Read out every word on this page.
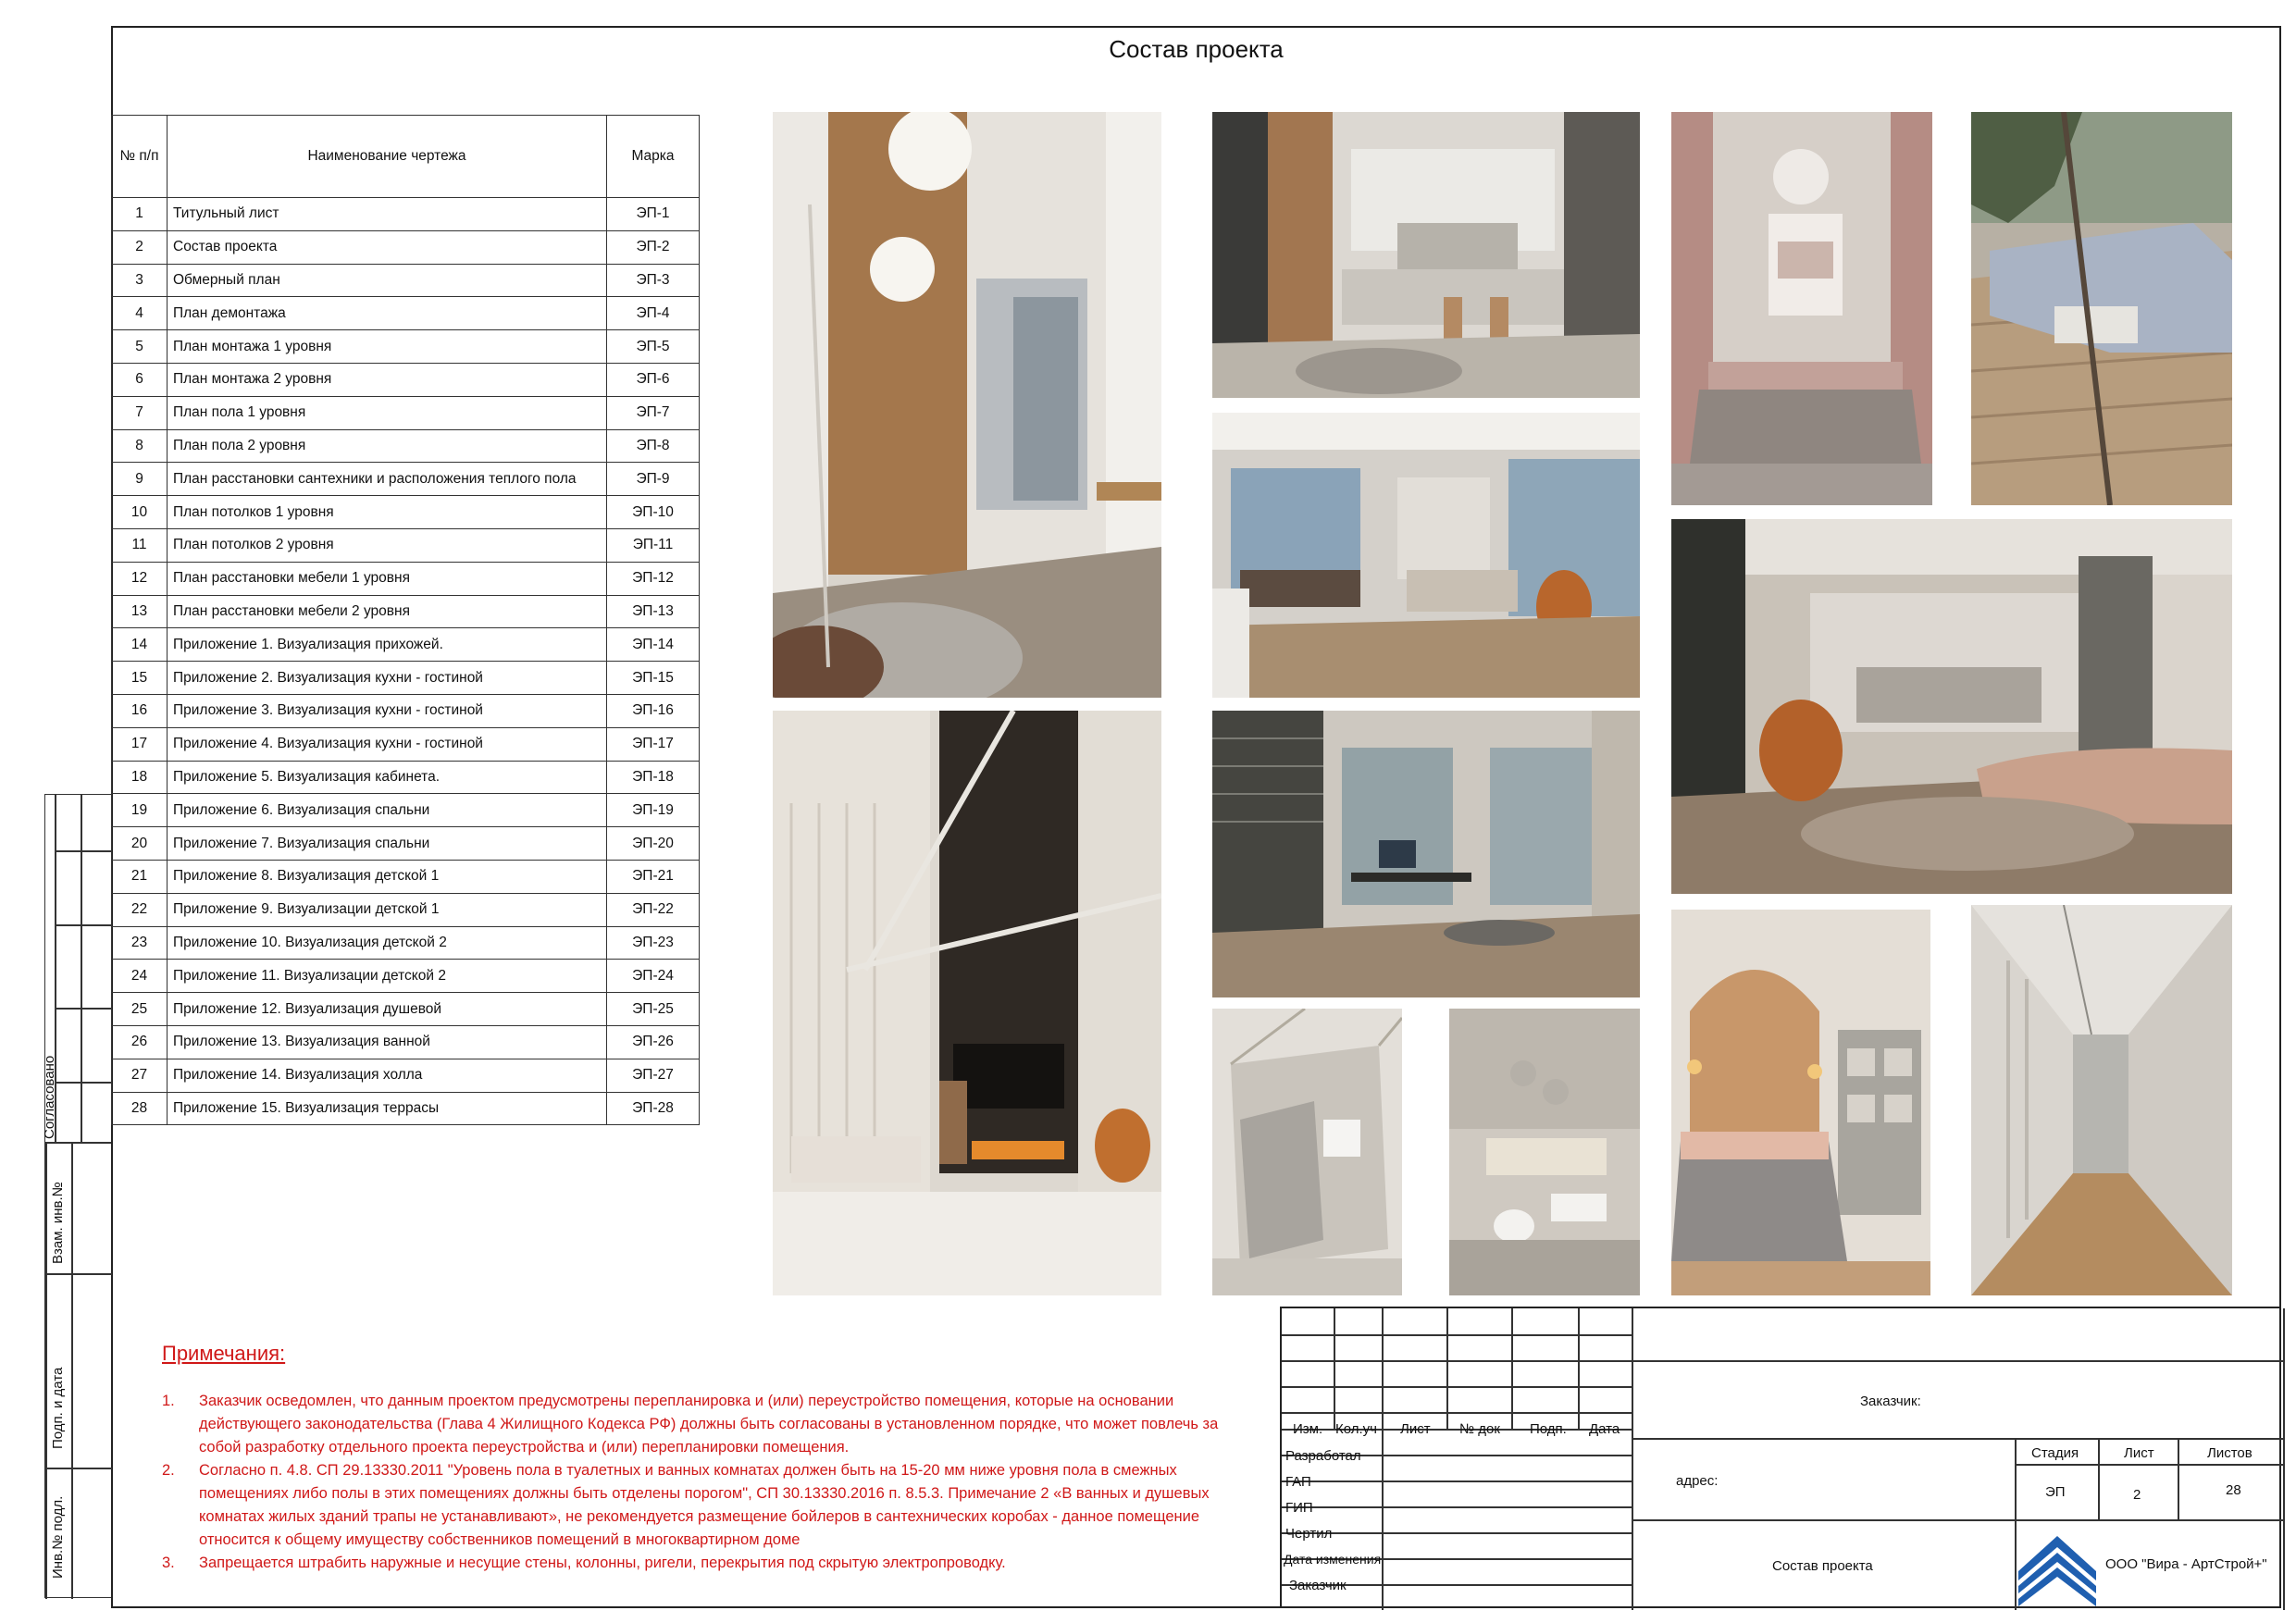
Состав проекта
№ п/п	Наименование чертежа	Марка
1	Титульный лист	ЭП-1
2	Состав проекта	ЭП-2
3	Обмерный план	ЭП-3
4	План демонтажа	ЭП-4
5	План монтажа 1 уровня	ЭП-5
6	План монтажа 2 уровня	ЭП-6
7	План пола 1 уровня	ЭП-7
8	План пола 2 уровня	ЭП-8
9	План расстановки сантехники и расположения теплого пола	ЭП-9
10	План потолков 1 уровня	ЭП-10
11	План потолков 2 уровня	ЭП-11
12	План расстановки мебели 1 уровня	ЭП-12
13	План расстановки мебели 2 уровня	ЭП-13
14	Приложение 1. Визуализация прихожей.	ЭП-14
15	Приложение 2. Визуализация кухни - гостиной	ЭП-15
16	Приложение 3. Визуализация кухни - гостиной	ЭП-16
17	Приложение 4. Визуализация кухни - гостиной	ЭП-17
18	Приложение 5. Визуализация кабинета.	ЭП-18
19	Приложение 6. Визуализация спальни	ЭП-19
20	Приложение 7. Визуализация спальни	ЭП-20
21	Приложение 8. Визуализация детской 1	ЭП-21
22	Приложение 9. Визуализации детской 1	ЭП-22
23	Приложение 10. Визуализация детской 2	ЭП-23
24	Приложение 11. Визуализации детской 2	ЭП-24
25	Приложение 12. Визуализация душевой	ЭП-25
26	Приложение 13. Визуализация ванной	ЭП-26
27	Приложение 14. Визуализация холла	ЭП-27
28	Приложение 15. Визуализация террасы	ЭП-28
Согласовано
Взам. инв.№
Подп. и дата
Инв.№ подл.
Примечания:
1. Заказчик осведомлен, что данным проектом предусмотрены перепланировка и (или) переустройство помещения, которые на основании действующего законодательства (Глава 4 Жилищного Кодекса РФ) должны быть согласованы в установленном порядке, что может повлечь за собой разработку отдельного проекта переустройства и (или) перепланировки помещения.
2. Согласно п. 4.8. СП 29.13330.2011 "Уровень пола в туалетных и ванных комнатах должен быть на 15-20 мм ниже уровня пола в смежных помещениях либо полы в этих помещениях должны быть отделены порогом", СП 30.13330.2016 п. 8.5.3. Примечание 2 «В ванных и душевых комнатах жилых зданий трапы не устанавливают», не рекомендуется размещение бойлеров в сантехнических коробах - данное помещение относится к общему имуществу собственников помещений в многоквартирном доме
3. Запрещается штрабить наружные и несущие стены, колонны, ригели, перекрытия под скрытую электропроводку.
Изм. Кол.уч Лист № док Подп. Дата
Разработал
ГАП
ГИП
Чертил
Дата изменения
Заказчик
Заказчик:
адрес:
Стадия	Лист	Листов
ЭП	2	28
Состав проекта	ООО "Вира - АртСтрой+"
